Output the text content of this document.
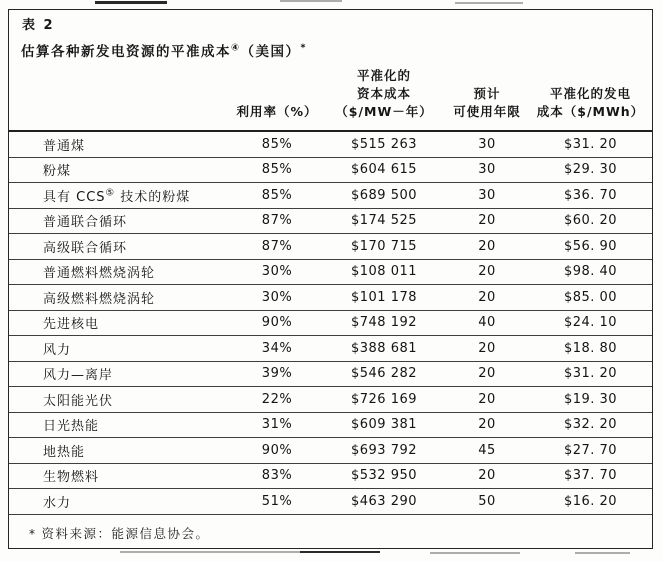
表 2
估算各种新发电资源的平准成本④（美国）*

利用率（%）

平准化的
资本成本
（$/MW－年）

预计
可使用年限

平准化的发电
成本（$/MWh）

普通煤	85%	$515 263	30	$31. 20
粉煤	85%	$604 615	30	$29. 30
具有 CCS⑤ 技术的粉煤	85%	$689 500	30	$36. 70
普通联合循环	87%	$174 525	20	$60. 20
高级联合循环	87%	$170 715	20	$56. 90
普通燃料燃烧涡轮	30%	$108 011	20	$98. 40
高级燃料燃烧涡轮	30%	$101 178	20	$85. 00
先进核电	90%	$748 192	40	$24. 10
风力	34%	$388 681	20	$18. 80
风力—离岸	39%	$546 282	20	$31. 20
太阳能光伏	22%	$726 169	20	$19. 30
日光热能	31%	$609 381	20	$32. 20
地热能	90%	$693 792	45	$27. 70
生物燃料	83%	$532 950	20	$37. 70
水力	51%	$463 290	50	$16. 20
* 资料来源：能源信息协会。
